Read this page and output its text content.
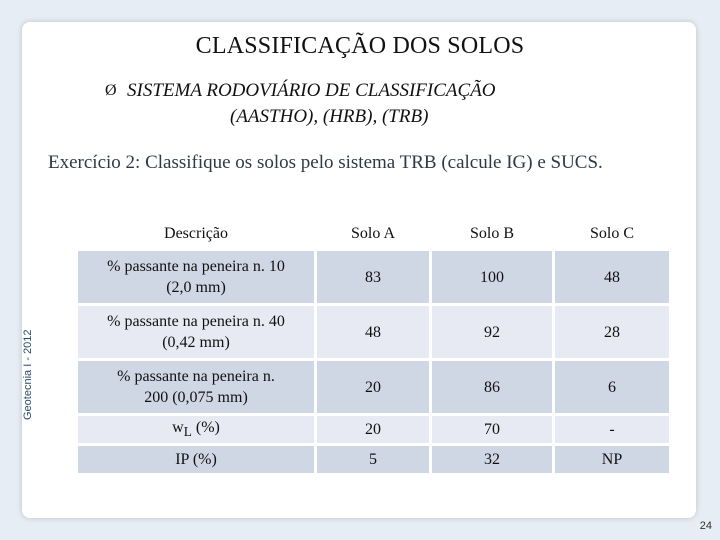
CLASSIFICAÇÃO DOS SOLOS
Ø SISTEMA RODOVIÁRIO DE CLASSIFICAÇÃO
(AASTHO), (HRB), (TRB)
Exercício 2: Classifique os solos pelo sistema TRB (calcule IG) e SUCS.
Descrição	Solo A	Solo B	Solo C

% passante na peneira n. 10
(2,0 mm)	83	100	48

% passante na peneira n. 40
(0,42 mm)	48	92	28

% passante na peneira n.
200 (0,075 mm)	20	86	6
$w_L$ (%)	20	70	-
IP (%)	5	32	NP
Geotecnia I - 2012
24
